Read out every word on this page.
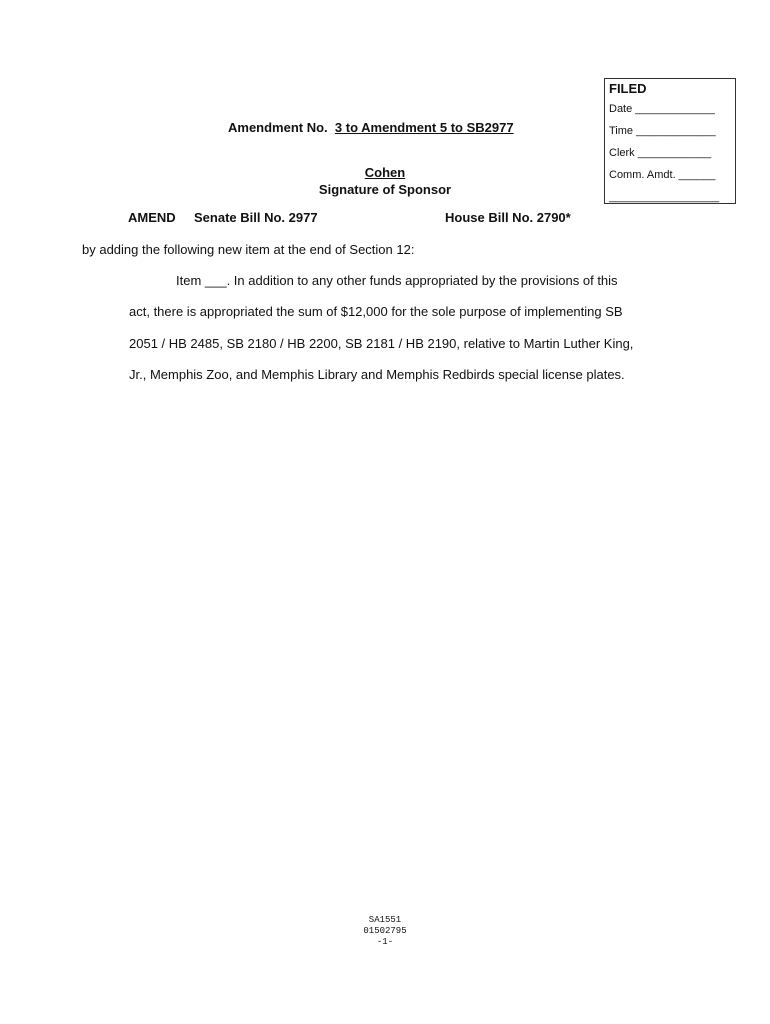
FILED
Date _____________
Time _____________
Clerk ____________
Comm. Amdt. ______
__________________
Amendment No. 3 to Amendment 5 to SB2977
Cohen
Signature of Sponsor
AMEND Senate Bill No. 2977	House Bill No. 2790*
by adding the following new item at the end of Section 12:
Item ___. In addition to any other funds appropriated by the provisions of this
act, there is appropriated the sum of $12,000 for the sole purpose of implementing SB
2051 / HB 2485, SB 2180 / HB 2200, SB 2181 / HB 2190, relative to Martin Luther King,
Jr., Memphis Zoo, and Memphis Library and Memphis Redbirds special license plates.
SA1551
01502795
-1-
